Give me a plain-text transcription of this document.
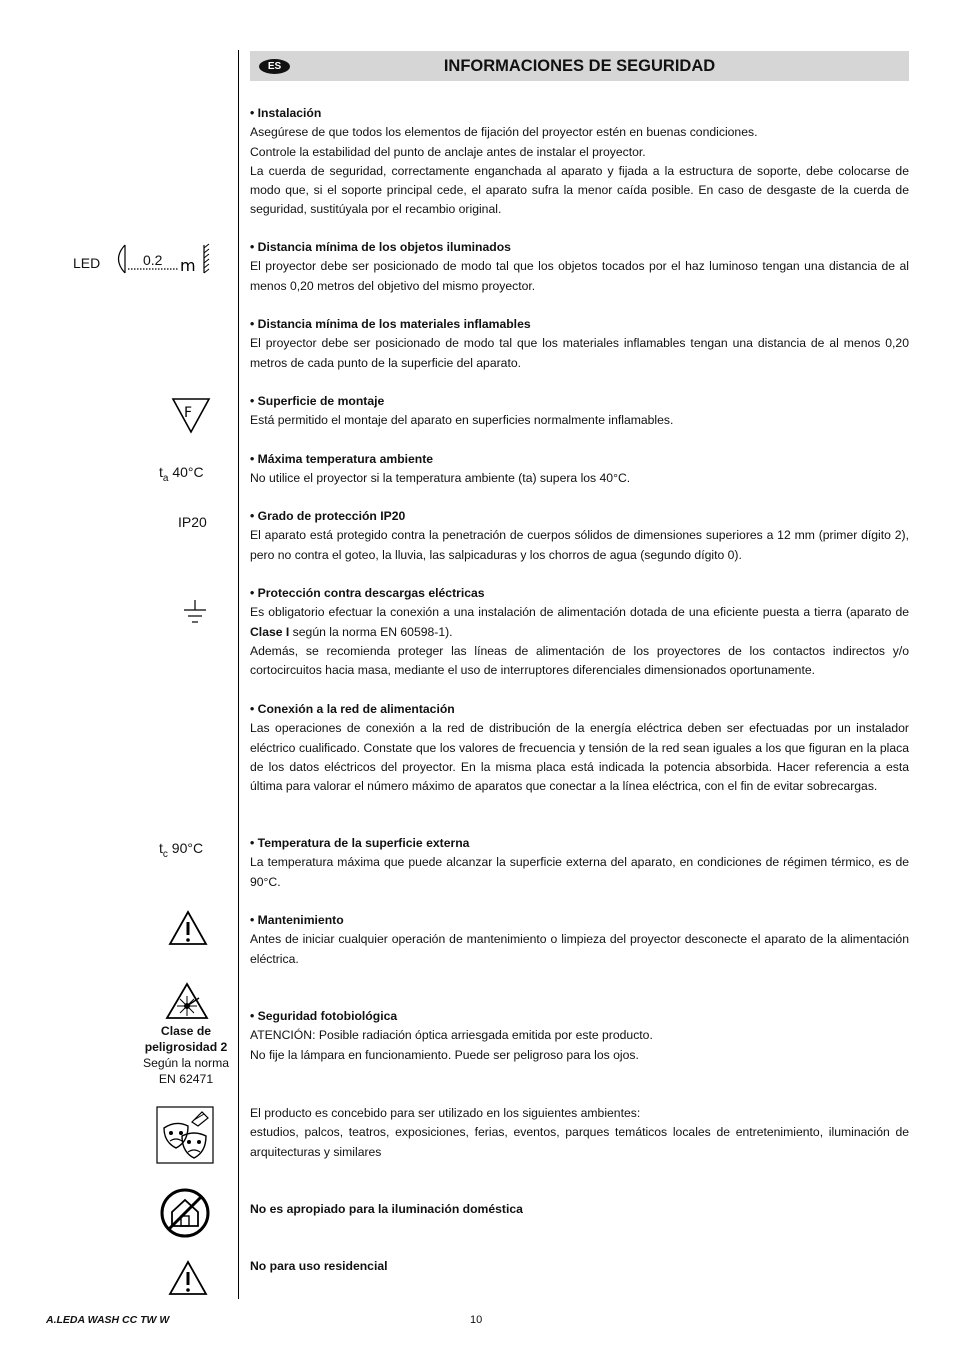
ES	INFORMACIONES DE SEGURIDAD
LED	m
0.2
F
$t_a$ 40°C
IP20
$t_c$ 90°C
Clase de
peligrosidad 2
Según la norma
EN 62471

• Instalación

Asegúrese de que todos los elementos de fijación del proyector estén en buenas condiciones.

Controle la estabilidad del punto de anclaje antes de instalar el proyector.

La cuerda de seguridad, correctamente enganchada al aparato y fijada a la estructura de soporte, debe colocarse de modo que, si el soporte principal cede, el aparato sufra la menor caída posible. En caso de desgaste de la cuerda de seguridad, sustitúyala por el recambio original.

• Distancia mínima de los objetos iluminados

El proyector debe ser posicionado de modo tal que los objetos tocados por el haz luminoso tengan una distancia de al menos 0,20 metros del objetivo del mismo proyector.

• Distancia mínima de los materiales inflamables

El proyector debe ser posicionado de modo tal que los materiales inflamables tengan una distancia de al menos 0,20 metros de cada punto de la superficie del aparato.

• Superficie de montaje

Está permitido el montaje del aparato en superficies normalmente inflamables.

• Máxima temperatura ambiente

No utilice el proyector si la temperatura ambiente (ta) supera los 40°C.

• Grado de protección IP20

El aparato está protegido contra la penetración de cuerpos sólidos de dimensiones superiores a 12 mm (primer dígito 2), pero no contra el goteo, la lluvia, las salpicaduras y los chorros de agua (segundo dígito 0).

• Protección contra descargas eléctricas

Es obligatorio efectuar la conexión a una instalación de alimentación dotada de una eficiente puesta a tierra (aparato de Clase I según la norma EN 60598-1).

Además, se recomienda proteger las líneas de alimentación de los proyectores de los contactos indirectos y/o cortocircuitos hacia masa, mediante el uso de interruptores diferenciales dimensionados oportunamente.

• Conexión a la red de alimentación

Las operaciones de conexión a la red de distribución de la energía eléctrica deben ser efectuadas por un instalador eléctrico cualificado. Constate que los valores de frecuencia y tensión de la red sean iguales a los que figuran en la placa de los datos eléctricos del proyector. En la misma placa está indicada la potencia absorbida. Hacer referencia a esta última para valorar el número máximo de aparatos que conectar a la línea eléctrica, con el fin de evitar sobrecargas.

• Temperatura de la superficie externa

La temperatura máxima que puede alcanzar la superficie externa del aparato, en condiciones de régimen térmico, es de 90°C.

• Mantenimiento

Antes de iniciar cualquier operación de mantenimiento o limpieza del proyector desconecte el aparato de la alimentación eléctrica.

• Seguridad fotobiológica

ATENCIÓN: Posible radiación óptica arriesgada emitida por este producto.

No fije la lámpara en funcionamiento. Puede ser peligroso para los ojos.

El producto es concebido para ser utilizado en los siguientes ambientes:

estudios, palcos, teatros, exposiciones, ferias, eventos, parques temáticos locales de entretenimiento, iluminación de arquitecturas y similares

No es apropiado para la iluminación doméstica

No para uso residencial

A.LEDA WASH CC TW W	10
